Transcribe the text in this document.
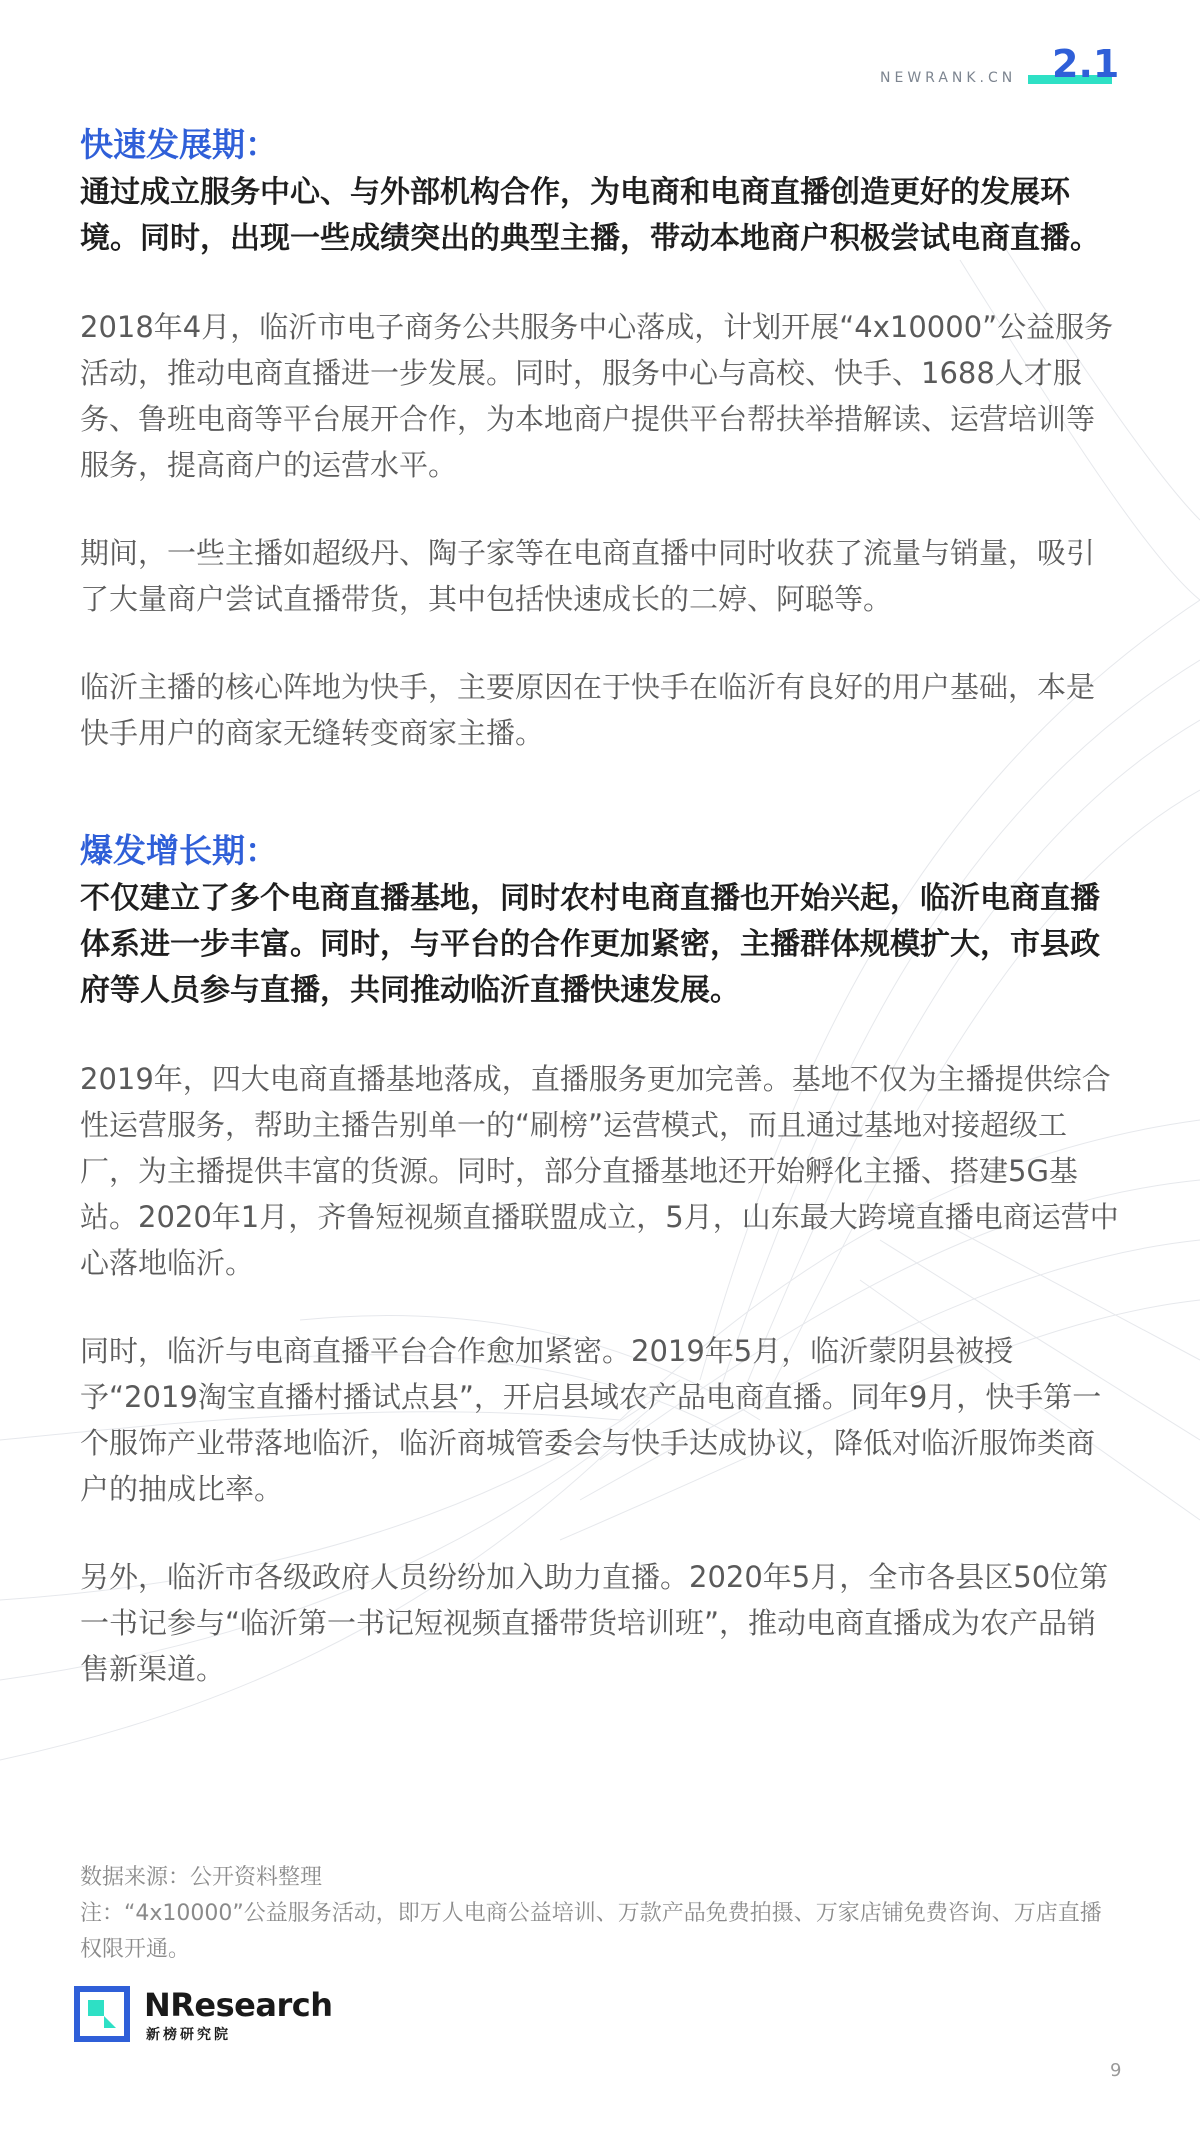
NEWRANK.CN 2.1
快速发展期：

通过成立服务中心、与外部机构合作，为电商和电商直播创造更好的发展环境。同时，出现一些成绩突出的典型主播，带动本地商户积极尝试电商直播。

2018年4月，临沂市电子商务公共服务中心落成，计划开展“4x10000”公益服务活动，推动电商直播进一步发展。同时，服务中心与高校、快手、1688人才服务、鲁班电商等平台展开合作，为本地商户提供平台帮扶举措解读、运营培训等服务，提高商户的运营水平。

期间，一些主播如超级丹、陶子家等在电商直播中同时收获了流量与销量，吸引了大量商户尝试直播带货，其中包括快速成长的二婷、阿聪等。

临沂主播的核心阵地为快手，主要原因在于快手在临沂有良好的用户基础，本是快手用户的商家无缝转变商家主播。

爆发增长期：

不仅建立了多个电商直播基地，同时农村电商直播也开始兴起，临沂电商直播体系进一步丰富。同时，与平台的合作更加紧密，主播群体规模扩大，市县政府等人员参与直播，共同推动临沂直播快速发展。

2019年，四大电商直播基地落成，直播服务更加完善。基地不仅为主播提供综合性运营服务，帮助主播告别单一的“刷榜”运营模式，而且通过基地对接超级工厂，为主播提供丰富的货源。同时，部分直播基地还开始孵化主播、搭建5G基站。2020年1月，齐鲁短视频直播联盟成立，5月，山东最大跨境直播电商运营中心落地临沂。

同时，临沂与电商直播平台合作愈加紧密。2019年5月，临沂蒙阴县被授予“2019淘宝直播村播试点县”，开启县域农产品电商直播。同年9月，快手第一个服饰产业带落地临沂，临沂商城管委会与快手达成协议，降低对临沂服饰类商户的抽成比率。

另外，临沂市各级政府人员纷纷加入助力直播。2020年5月，全市各县区50位第一书记参与“临沂第一书记短视频直播带货培训班”，推动电商直播成为农产品销售新渠道。

数据来源：公开资料整理

注：“4x10000”公益服务活动，即万人电商公益培训、万款产品免费拍摄、万家店铺免费咨询、万店直播权限开通。

NResearch
新榜研究院
9
